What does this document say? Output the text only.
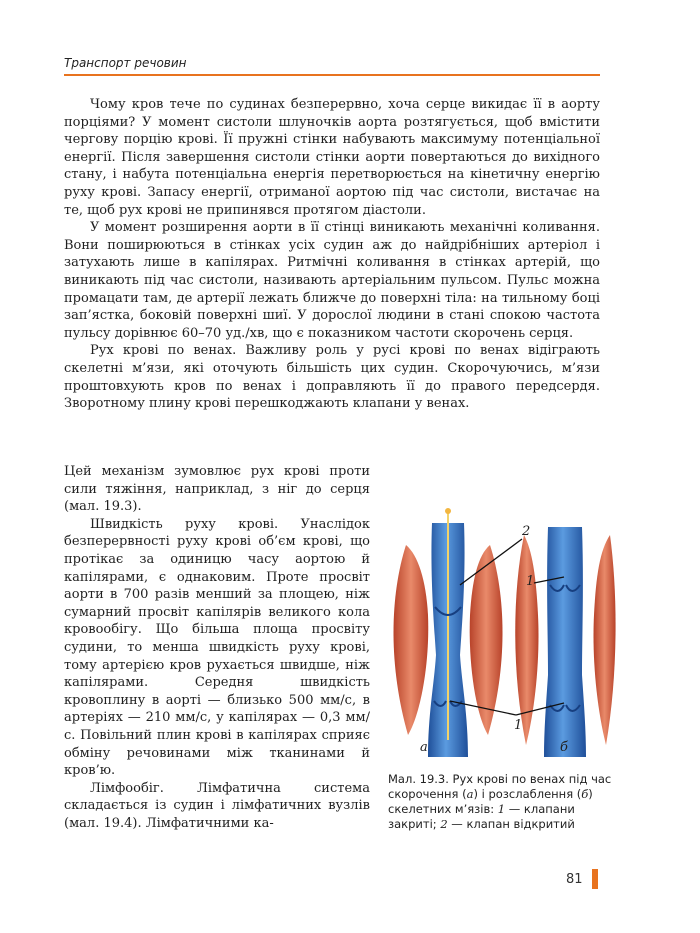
Транспорт речовин

Чому кров тече по судинах безперервно, хоча серце викидає її в аорту порціями? У момент систоли шлуночків аорта розтягується, щоб вмістити чергову порцію крові. Її пружні стінки набувають максимуму потенціальної енергії. Після завершення систоли стінки аорти повертаються до вихідного стану, і набута потенціальна енергія перетворюється на кінетичну енергію руху крові. Запасу енергії, отриманої аортою під час систоли, вистачає на те, щоб рух крові не припинявся протягом діастоли.

У момент розширення аорти в її стінці виникають механічні коливання. Вони поширюються в стінках усіх судин аж до найдрібніших артеріол і затухають лише в капілярах. Ритмічні коливання в стінках артерій, що виникають під час систоли, називають артеріальним пульсом. Пульс можна промацати там, де артерії лежать ближче до поверхні тіла: на тильному боці зап’ястка, боковій поверхні шиї. У дорослої людини в стані спокою частота пульсу дорівнює 60–70 уд./хв, що є показником частоти скорочень серця.

Рух крові по венах. Важливу роль у русі крові по венах відіграють скелетні м’язи, які оточують більшість цих судин. Скорочуючись, м’язи проштовхують кров по венах і доправляють її до правого передсердя. Зворотному плину крові перешкоджають клапани у венах.

Цей механізм зумовлює рух крові проти сили тяжіння, наприклад, з ніг до серця (мал. 19.3).

Швидкість руху крові. Унаслідок безперервності руху крові об’єм крові, що протікає за одиницю часу аортою й капілярами, є однаковим. Проте просвіт аорти в 700 разів менший за площею, ніж сумарний просвіт капілярів великого кола кровообігу. Що більша площа просвіту судини, то менша швидкість руху крові, тому артерією кров рухається швидше, ніж капілярами. Середня швидкість кровоплину в аорті — близько 500 мм/с, в артеріях — 210 мм/с, у капілярах — 0,3 мм/с. Повільний плин крові в капілярах сприяє обміну речовинами між тканинами й кров’ю.

Лімфообіг.	Лімфатична система складається із судин і лімфатичних вузлів (мал. 19.4). Лімфатичними ка-

2
1
1
а	б
Мал. 19.3. Рух крові по венах під час скорочення (а) і розслаблення (б) скелетних м’язів: 1 — клапани закриті; 2 — клапан відкритий
81
